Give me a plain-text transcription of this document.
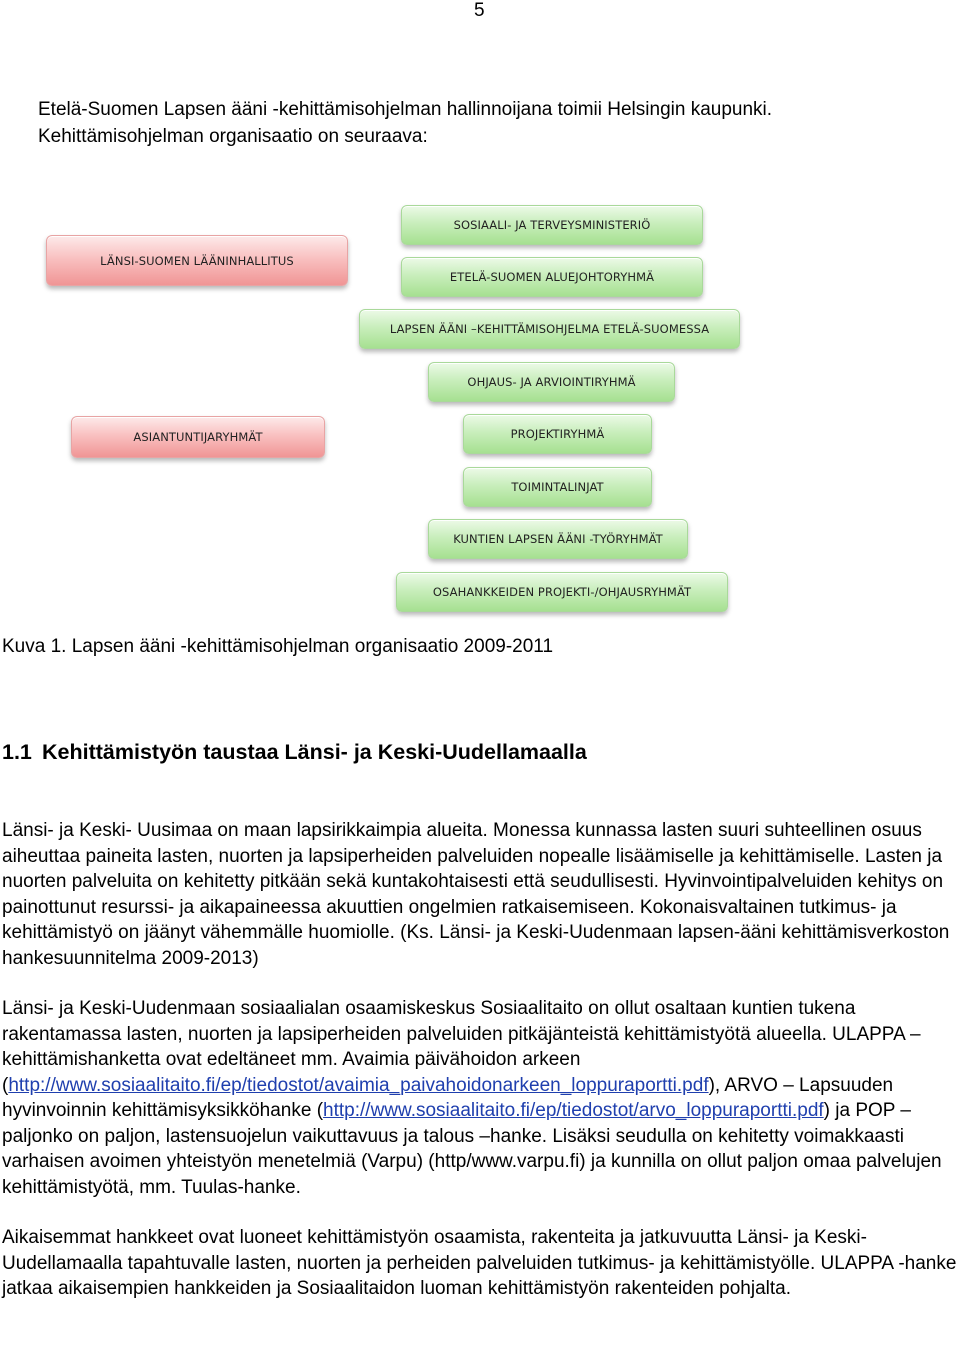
5

Etelä-Suomen Lapsen ääni -kehittämisohjelman hallinnoijana toimii Helsingin kaupunki.

Kehittämisohjelman organisaatio on seuraava:

LÄNSI-SUOMEN LÄÄNINHALLITUS
ASIANTUNTIJARYHMÄT
SOSIAALI- JA TERVEYSMINISTERIÖ
ETELÄ-SUOMEN ALUEJOHTORYHMÄ
LAPSEN ÄÄNI –KEHITTÄMISOHJELMA ETELÄ-SUOMESSA
OHJAUS- JA ARVIOINTIRYHMÄ
PROJEKTIRYHMÄ
TOIMINTALINJAT
KUNTIEN LAPSEN ÄÄNI -TYÖRYHMÄT
OSAHANKKEIDEN PROJEKTI-/OHJAUSRYHMÄT
Kuva 1. Lapsen ääni -kehittämisohjelman organisaatio 2009-2011
1.1 Kehittämistyön taustaa Länsi- ja Keski-Uudellamaalla

Länsi- ja Keski- Uusimaa on maan lapsirikkaimpia alueita. Monessa kunnassa lasten suuri suhteellinen osuus aiheuttaa paineita lasten, nuorten ja lapsiperheiden palveluiden nopealle lisäämiselle ja kehittämiselle. Lasten ja nuorten palveluita on kehitetty pitkään sekä kuntakohtaisesti että seudullisesti. Hyvinvointipalveluiden kehitys on painottunut resurssi- ja aikapaineessa akuuttien ongelmien ratkaisemiseen. Kokonaisvaltainen tutkimus- ja kehittämistyö on jäänyt vähemmälle huomiolle. (Ks. Länsi- ja Keski-Uudenmaan lapsen-ääni kehittämisverkoston hankesuunnitelma 2009-2013)

Länsi- ja Keski-Uudenmaan sosiaalialan osaamiskeskus Sosiaalitaito on ollut osaltaan kuntien tukena rakentamassa lasten, nuorten ja lapsiperheiden palveluiden pitkäjänteistä kehittämistyötä alueella. ULAPPA –kehittämishanketta ovat edeltäneet mm. Avaimia päivähoidon arkeen (http://www.sosiaalitaito.fi/ep/tiedostot/avaimia_paivahoidonarkeen_loppuraportti.pdf), ARVO – Lapsuuden hyvinvoinnin kehittämisyksikköhanke (http://www.sosiaalitaito.fi/ep/tiedostot/arvo_loppuraportti.pdf) ja POP –paljonko on paljon, lastensuojelun vaikuttavuus ja talous –hanke. Lisäksi seudulla on kehitetty voimakkaasti varhaisen avoimen yhteistyön menetelmiä (Varpu) (http/www.varpu.fi) ja kunnilla on ollut paljon omaa palvelujen kehittämistyötä, mm. Tuulas-hanke.

Aikaisemmat hankkeet ovat luoneet kehittämistyön osaamista, rakenteita ja jatkuvuutta Länsi- ja Keski-Uudellamaalla tapahtuvalle lasten, nuorten ja perheiden palveluiden tutkimus- ja kehittämistyölle. ULAPPA -hanke jatkaa aikaisempien hankkeiden ja Sosiaalitaidon luoman kehittämistyön rakenteiden pohjalta.
